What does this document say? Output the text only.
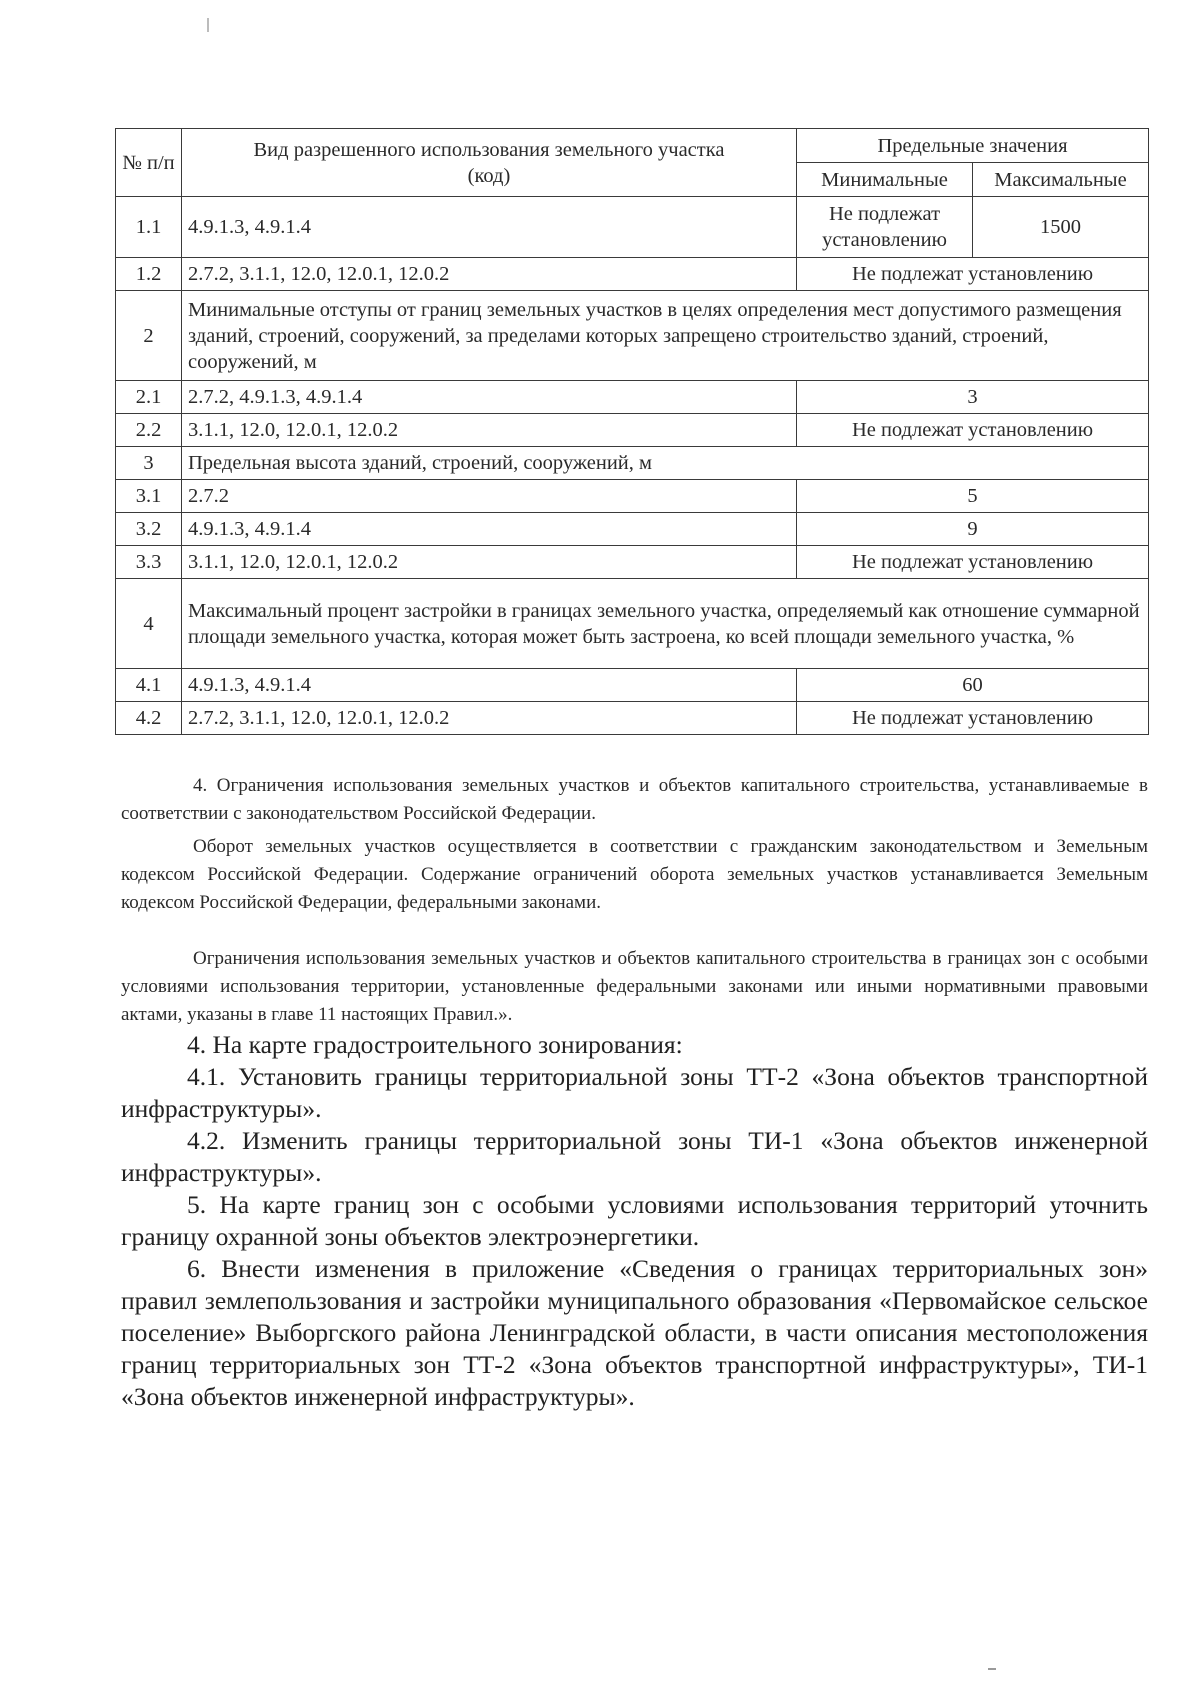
№ п/п	Вид разрешенного использования земельного участка (код)	Предельные значения	
		Минимальные	Максимальные
1.1	4.9.1.3, 4.9.1.4	Не подлежат установлению	1500
1.2	2.7.2, 3.1.1, 12.0, 12.0.1, 12.0.2	Не подлежат установлению	
2	Минимальные отступы от границ земельных участков в целях определения мест допустимого размещения зданий, строений, сооружений, за пределами которых запрещено строительство зданий, строений, сооружений, м		
2.1	2.7.2, 4.9.1.3, 4.9.1.4	3	
2.2	3.1.1, 12.0, 12.0.1, 12.0.2	Не подлежат установлению	
3	Предельная высота зданий, строений, сооружений, м		
3.1	2.7.2	5	
3.2	4.9.1.3, 4.9.1.4	9	
3.3	3.1.1, 12.0, 12.0.1, 12.0.2	Не подлежат установлению	
4	Максимальный процент застройки в границах земельного участка, определяемый как отношение суммарной площади земельного участка, которая может быть застроена, ко всей площади земельного участка, %		
4.1	4.9.1.3, 4.9.1.4	60	
4.2	2.7.2, 3.1.1, 12.0, 12.0.1, 12.0.2	Не подлежат установлению	

4. Ограничения использования земельных участков и объектов капитального строительства, устанавливаемые в соответствии с законодательством Российской Федерации.

Оборот земельных участков осуществляется в соответствии с гражданским законодательством и Земельным кодексом Российской Федерации. Содержание ограничений оборота земельных участков устанавливается Земельным кодексом Российской Федерации, федеральными законами.

Ограничения использования земельных участков и объектов капитального строительства в границах зон с особыми условиями использования территории, установленные федеральными законами или иными нормативными правовыми актами, указаны в главе 11 настоящих Правил.».

4. На карте градостроительного зонирования:

4.1. Установить границы территориальной зоны ТТ-2 «Зона объектов транспортной инфраструктуры».

4.2. Изменить границы территориальной зоны ТИ-1 «Зона объектов инженерной инфраструктуры».

5. На карте границ зон с особыми условиями использования территорий уточнить границу охранной зоны объектов электроэнергетики.

6. Внести изменения в приложение «Сведения о границах территориальных зон» правил землепользования и застройки муниципального образования «Первомайское сельское поселение» Выборгского района Ленинградской области, в части описания местоположения границ территориальных зон ТТ-2 «Зона объектов транспортной инфраструктуры», ТИ-1 «Зона объектов инженерной инфраструктуры».
